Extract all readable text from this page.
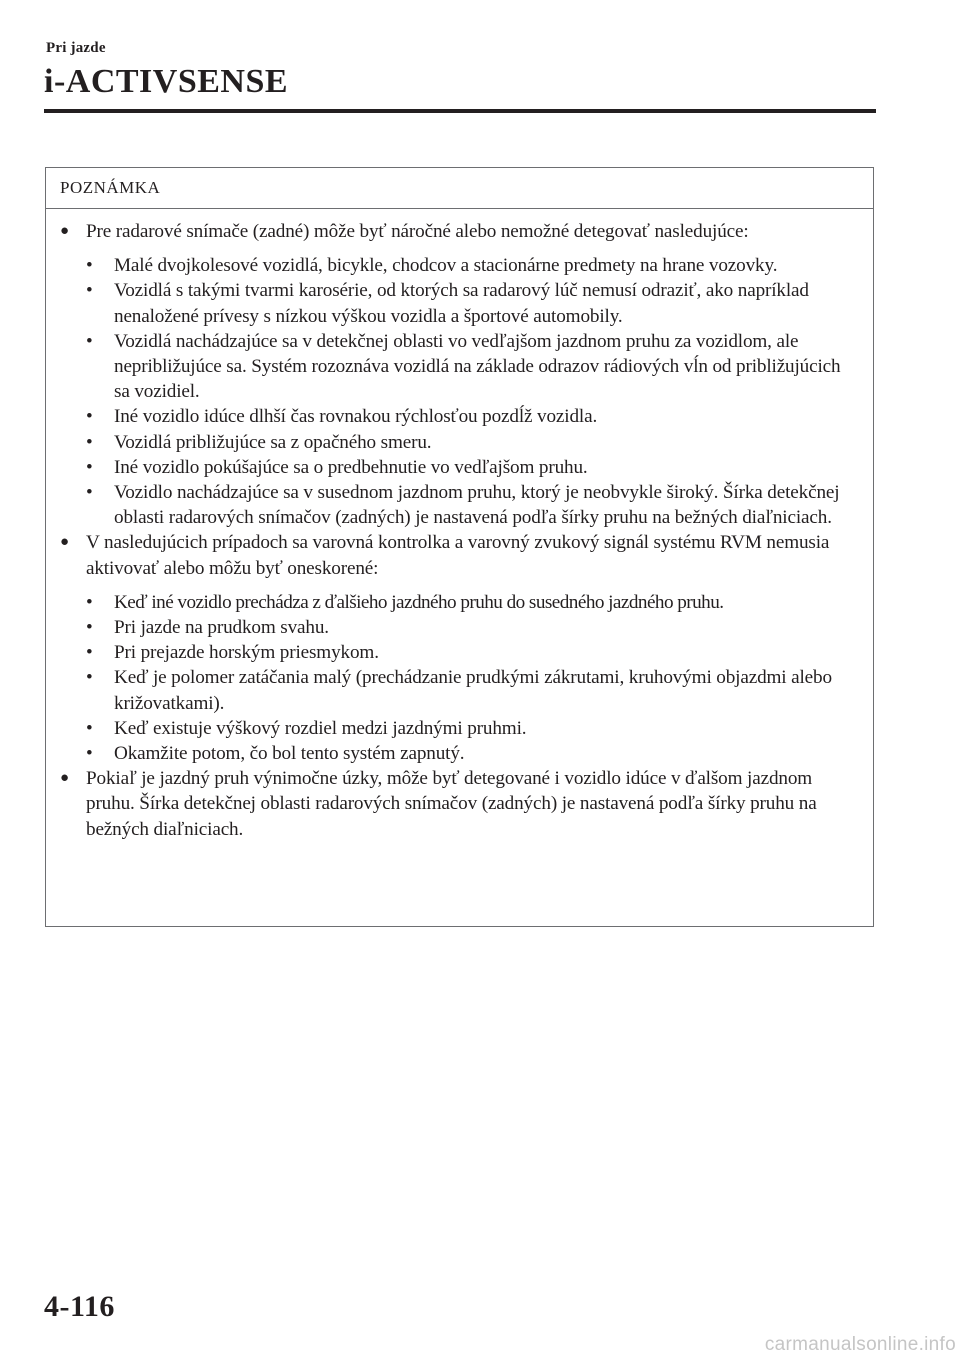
Pri jazde
i-ACTIVSENSE
POZNÁMKA
● Pre radarové snímače (zadné) môže byť náročné alebo nemožné detegovať nasledujúce:
•	Malé dvojkolesové vozidlá, bicykle, chodcov a stacionárne predmety na hrane vozovky.
•	Vozidlá s takými tvarmi karosérie, od ktorých sa radarový lúč nemusí odraziť, ako napríklad nenaložené prívesy s nízkou výškou vozidla a športové automobily.
•	Vozidlá nachádzajúce sa v detekčnej oblasti vo vedľajšom jazdnom pruhu za vozidlom, ale nepribližujúce sa. Systém rozoznáva vozidlá na základe odrazov rádiových vĺn od približujúcich sa vozidiel.
•	Iné vozidlo idúce dlhší čas rovnakou rýchlosťou pozdĺž vozidla.
•	Vozidlá približujúce sa z opačného smeru.
•	Iné vozidlo pokúšajúce sa o predbehnutie vo vedľajšom pruhu.
•	Vozidlo nachádzajúce sa v susednom jazdnom pruhu, ktorý je neobvykle široký. Šírka detekčnej oblasti radarových snímačov (zadných) je nastavená podľa šírky pruhu na bežných diaľniciach.
● V nasledujúcich prípadoch sa varovná kontrolka a varovný zvukový signál systému RVM nemusia aktivovať alebo môžu byť oneskorené:
•	Keď iné vozidlo prechádza z ďalšieho jazdného pruhu do susedného jazdného pruhu.
•	Pri jazde na prudkom svahu.
•	Pri prejazde horským priesmykom.
•	Keď je polomer zatáčania malý (prechádzanie prudkými zákrutami, kruhovými objazdmi alebo križovatkami).
•	Keď existuje výškový rozdiel medzi jazdnými pruhmi.
•	Okamžite potom, čo bol tento systém zapnutý.
● Pokiaľ je jazdný pruh výnimočne úzky, môže byť detegované i vozidlo idúce v ďalšom jazdnom pruhu. Šírka detekčnej oblasti radarových snímačov (zadných) je nastavená podľa šírky pruhu na bežných diaľniciach.
4-116
carmanualsonline.info
